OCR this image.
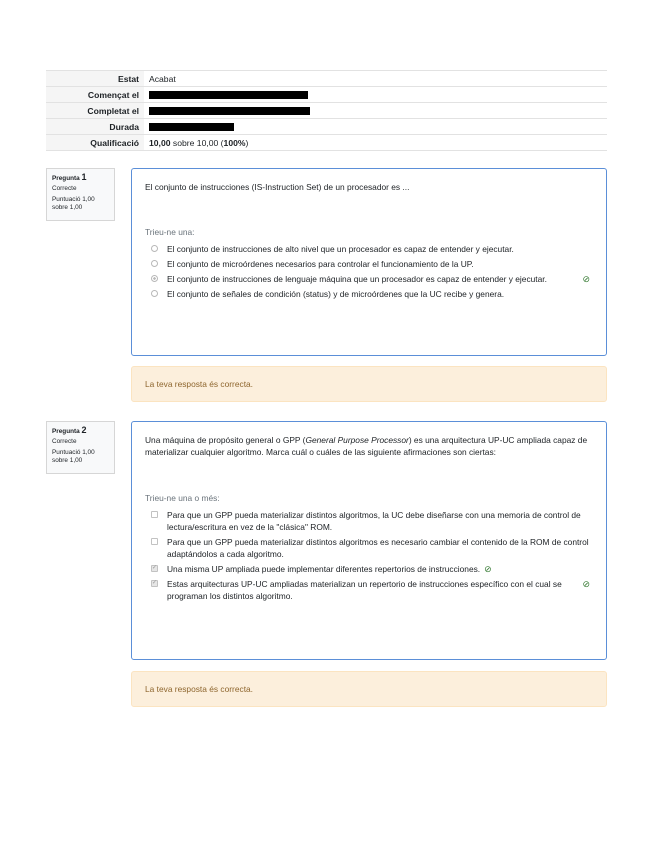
Estat	Acabat
Començat el	
Completat el	
Durada	
Qualificació	10,00 sobre 10,00 (100%)
Pregunta 1
Correcte
Puntuació 1,00 sobre 1,00
El conjunto de instrucciones (IS-Instruction Set) de un procesador es ...
Trieu-ne una:
El conjunto de instrucciones de alto nivel que un procesador es capaz de entender y ejecutar.
El conjunto de microórdenes necesarios para controlar el funcionamiento de la UP.
El conjunto de instrucciones de lenguaje máquina que un procesador es capaz de entender y ejecutar.	⊘
El conjunto de señales de condición (status) y de microórdenes que la UC recibe y genera.
La teva resposta és correcta.
Pregunta 2
Correcte
Puntuació 1,00 sobre 1,00
Una máquina de propósito general o GPP (General Purpose Processor) es una arquitectura UP-UC ampliada capaz de materializar cualquier algoritmo. Marca cuál o cuáles de las siguiente afirmaciones son ciertas:
Trieu-ne una o més:
Para que un GPP pueda materializar distintos algoritmos, la UC debe diseñarse con una memoria de control de lectura/escritura en vez de la "clásica" ROM.
Para que un GPP pueda materializar distintos algoritmos es necesario cambiar el contenido de la ROM de control adaptándolos a cada algoritmo.
✓ Una misma UP ampliada puede implementar diferentes repertorios de instrucciones. ⊘
✓ Estas arquitecturas UP-UC ampliadas materializan un repertorio de instrucciones específico con el cual se programan los distintos algoritmo.
⊘
La teva resposta és correcta.
